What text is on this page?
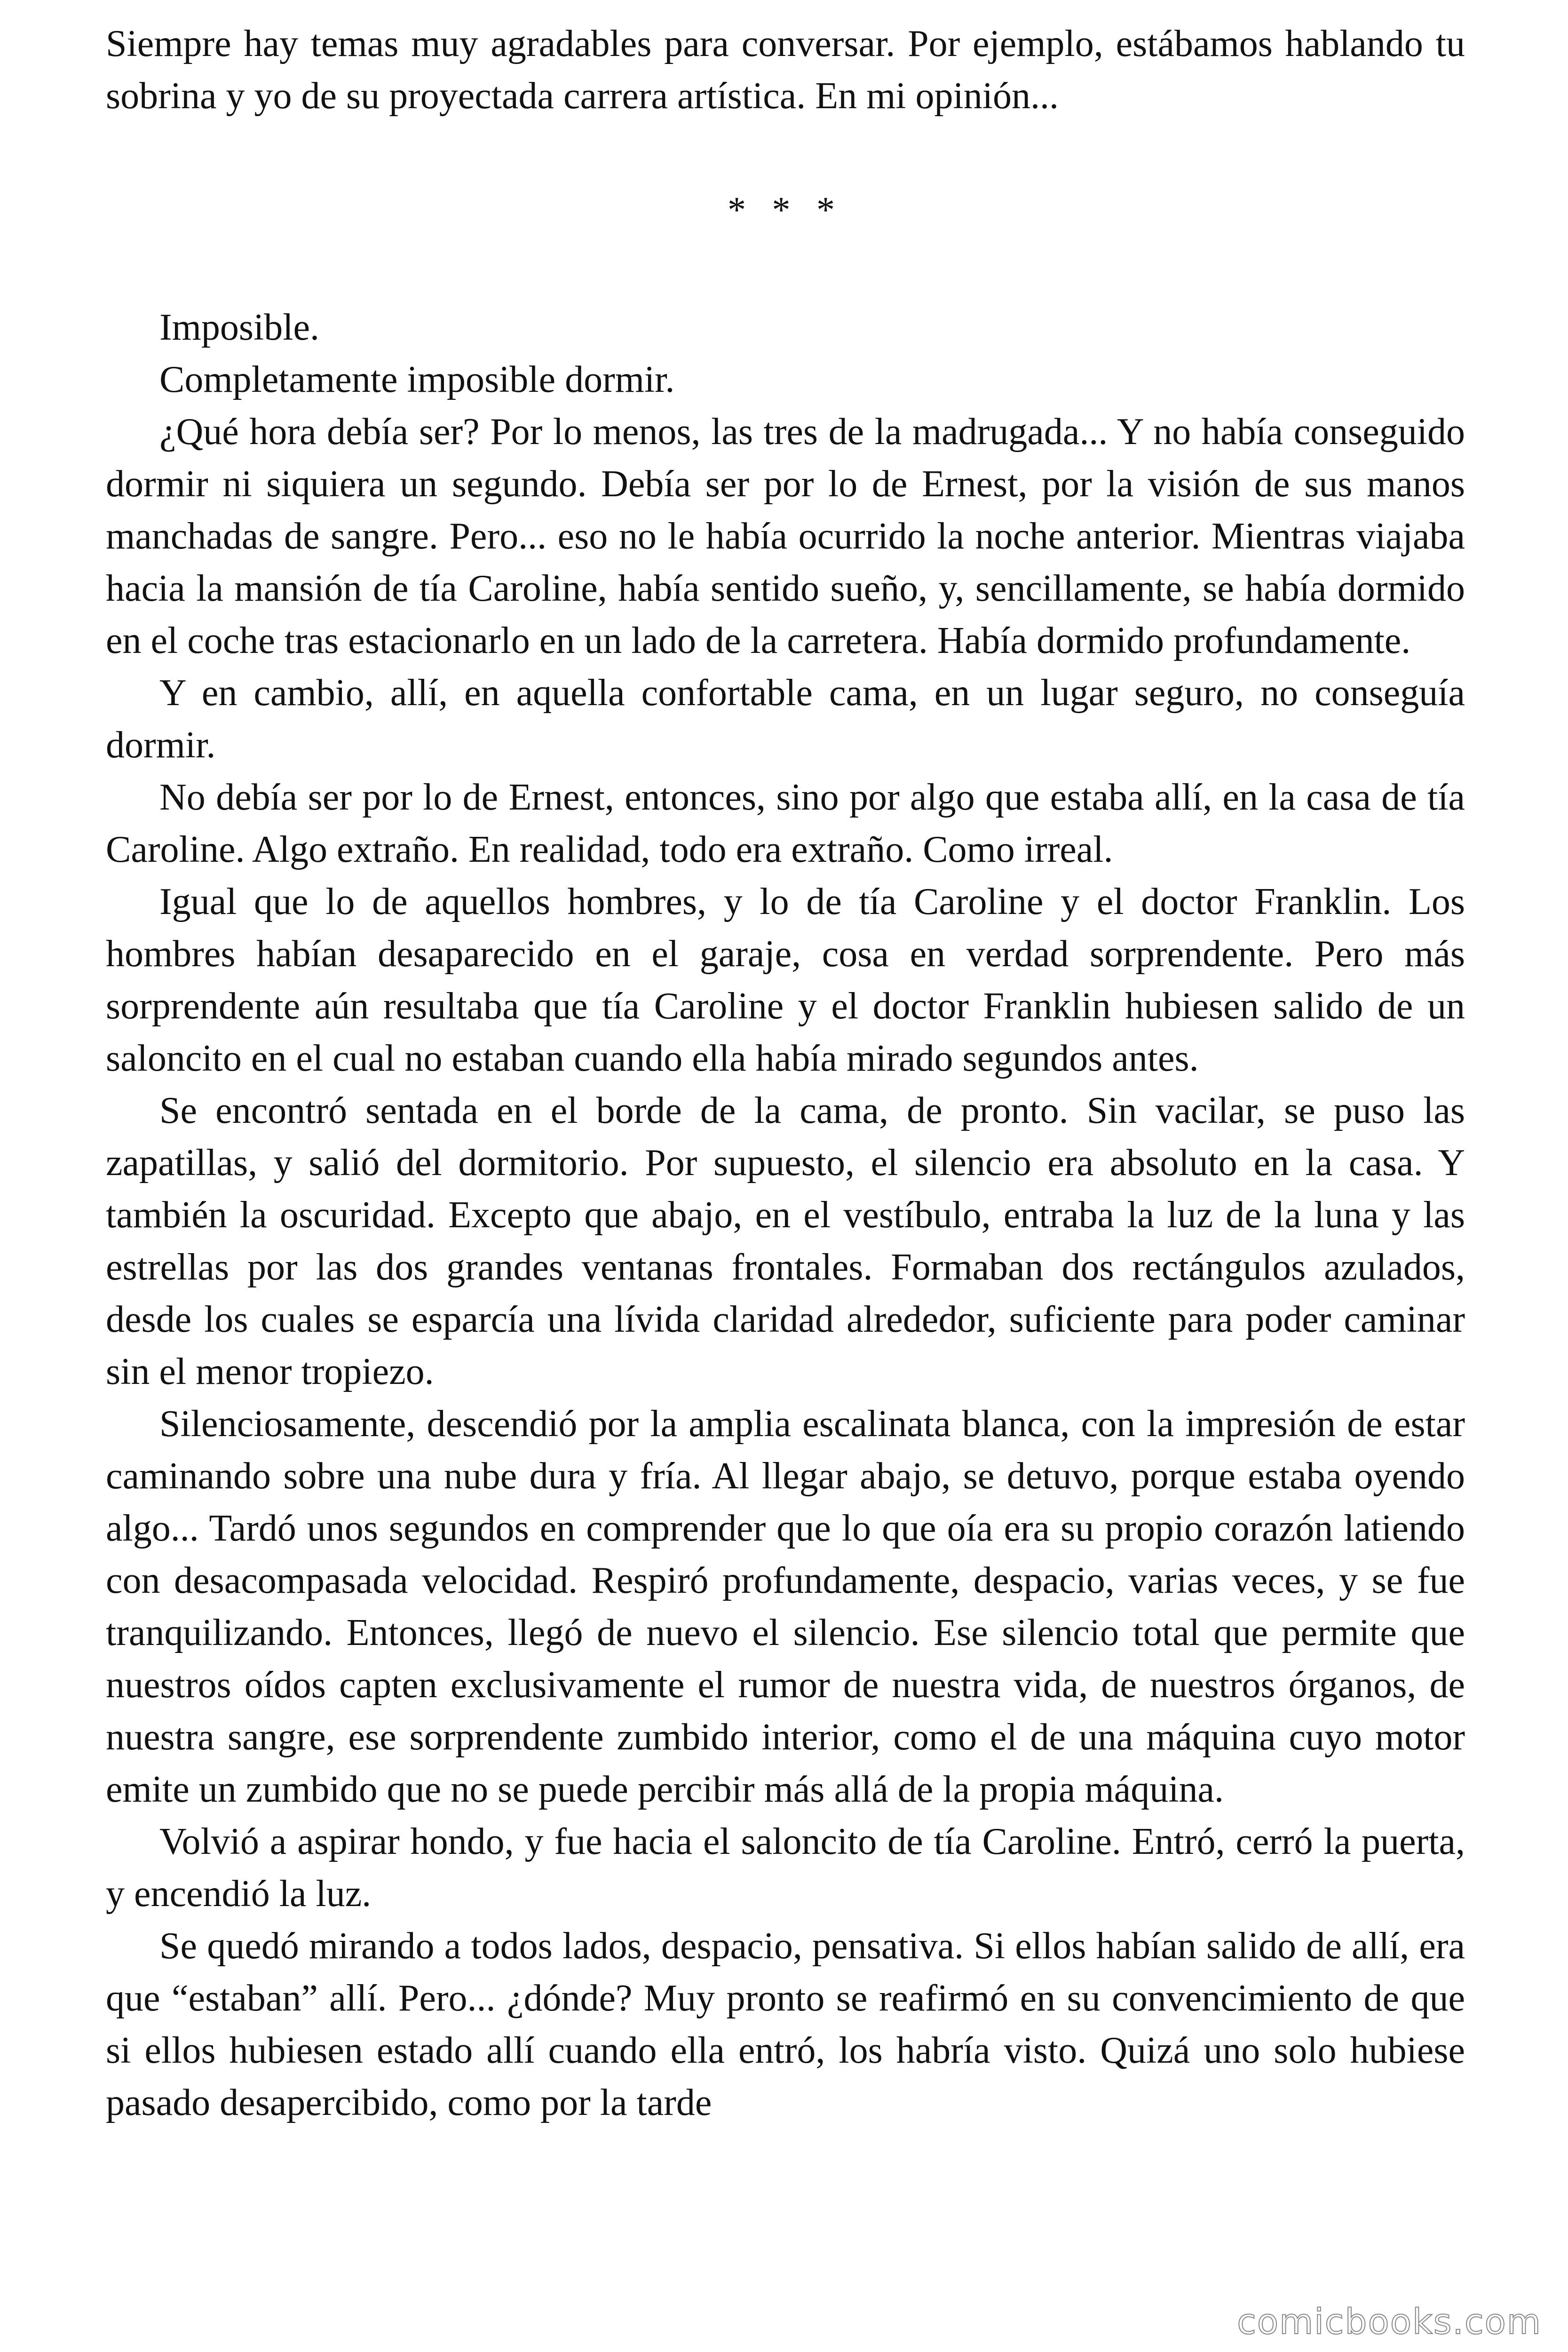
Siempre hay temas muy agradables para conversar. Por ejemplo, estábamos hablando tu sobrina y yo de su proyectada carrera artística. En mi opinión...

* * *

Imposible.

Completamente imposible dormir.

¿Qué hora debía ser? Por lo menos, las tres de la madrugada... Y no había conseguido dormir ni siquiera un segundo. Debía ser por lo de Ernest, por la visión de sus manos manchadas de sangre. Pero... eso no le había ocurrido la noche anterior. Mientras viajaba hacia la mansión de tía Caroline, había sentido sueño, y, sencillamente, se había dormido en el coche tras estacionarlo en un lado de la carretera. Había dormido profundamente.

Y en cambio, allí, en aquella confortable cama, en un lugar seguro, no conseguía dormir.

No debía ser por lo de Ernest, entonces, sino por algo que estaba allí, en la casa de tía Caroline. Algo extraño. En realidad, todo era extraño. Como irreal.

Igual que lo de aquellos hombres, y lo de tía Caroline y el doctor Franklin. Los hombres habían desaparecido en el garaje, cosa en verdad sorprendente. Pero más sorprendente aún resultaba que tía Caroline y el doctor Franklin hubiesen salido de un saloncito en el cual no estaban cuando ella había mirado segundos antes.

Se encontró sentada en el borde de la cama, de pronto. Sin vacilar, se puso las zapatillas, y salió del dormitorio. Por supuesto, el silencio era absoluto en la casa. Y también la oscuridad. Excepto que abajo, en el vestíbulo, entraba la luz de la luna y las estrellas por las dos grandes ventanas frontales. Formaban dos rectángulos azulados, desde los cuales se esparcía una lívida claridad alrededor, suficiente para poder caminar sin el menor tropiezo.

Silenciosamente, descendió por la amplia escalinata blanca, con la impresión de estar caminando sobre una nube dura y fría. Al llegar abajo, se detuvo, porque estaba oyendo algo... Tardó unos segundos en comprender que lo que oía era su propio corazón latiendo con desacompasada velocidad. Respiró profundamente, despacio, varias veces, y se fue tranquilizando. Entonces, llegó de nuevo el silencio. Ese silencio total que permite que nuestros oídos capten exclusivamente el rumor de nuestra vida, de nuestros órganos, de nuestra sangre, ese sorprendente zumbido interior, como el de una máquina cuyo motor emite un zumbido que no se puede percibir más allá de la propia máquina.

Volvió a aspirar hondo, y fue hacia el saloncito de tía Caroline. Entró, cerró la puerta, y encendió la luz.

Se quedó mirando a todos lados, despacio, pensativa. Si ellos habían salido de allí, era que “estaban” allí. Pero... ¿dónde? Muy pronto se reafirmó en su convencimiento de que si ellos hubiesen estado allí cuando ella entró, los habría visto. Quizá uno solo hubiese pasado desapercibido, como por la tarde

comicbooks.com
